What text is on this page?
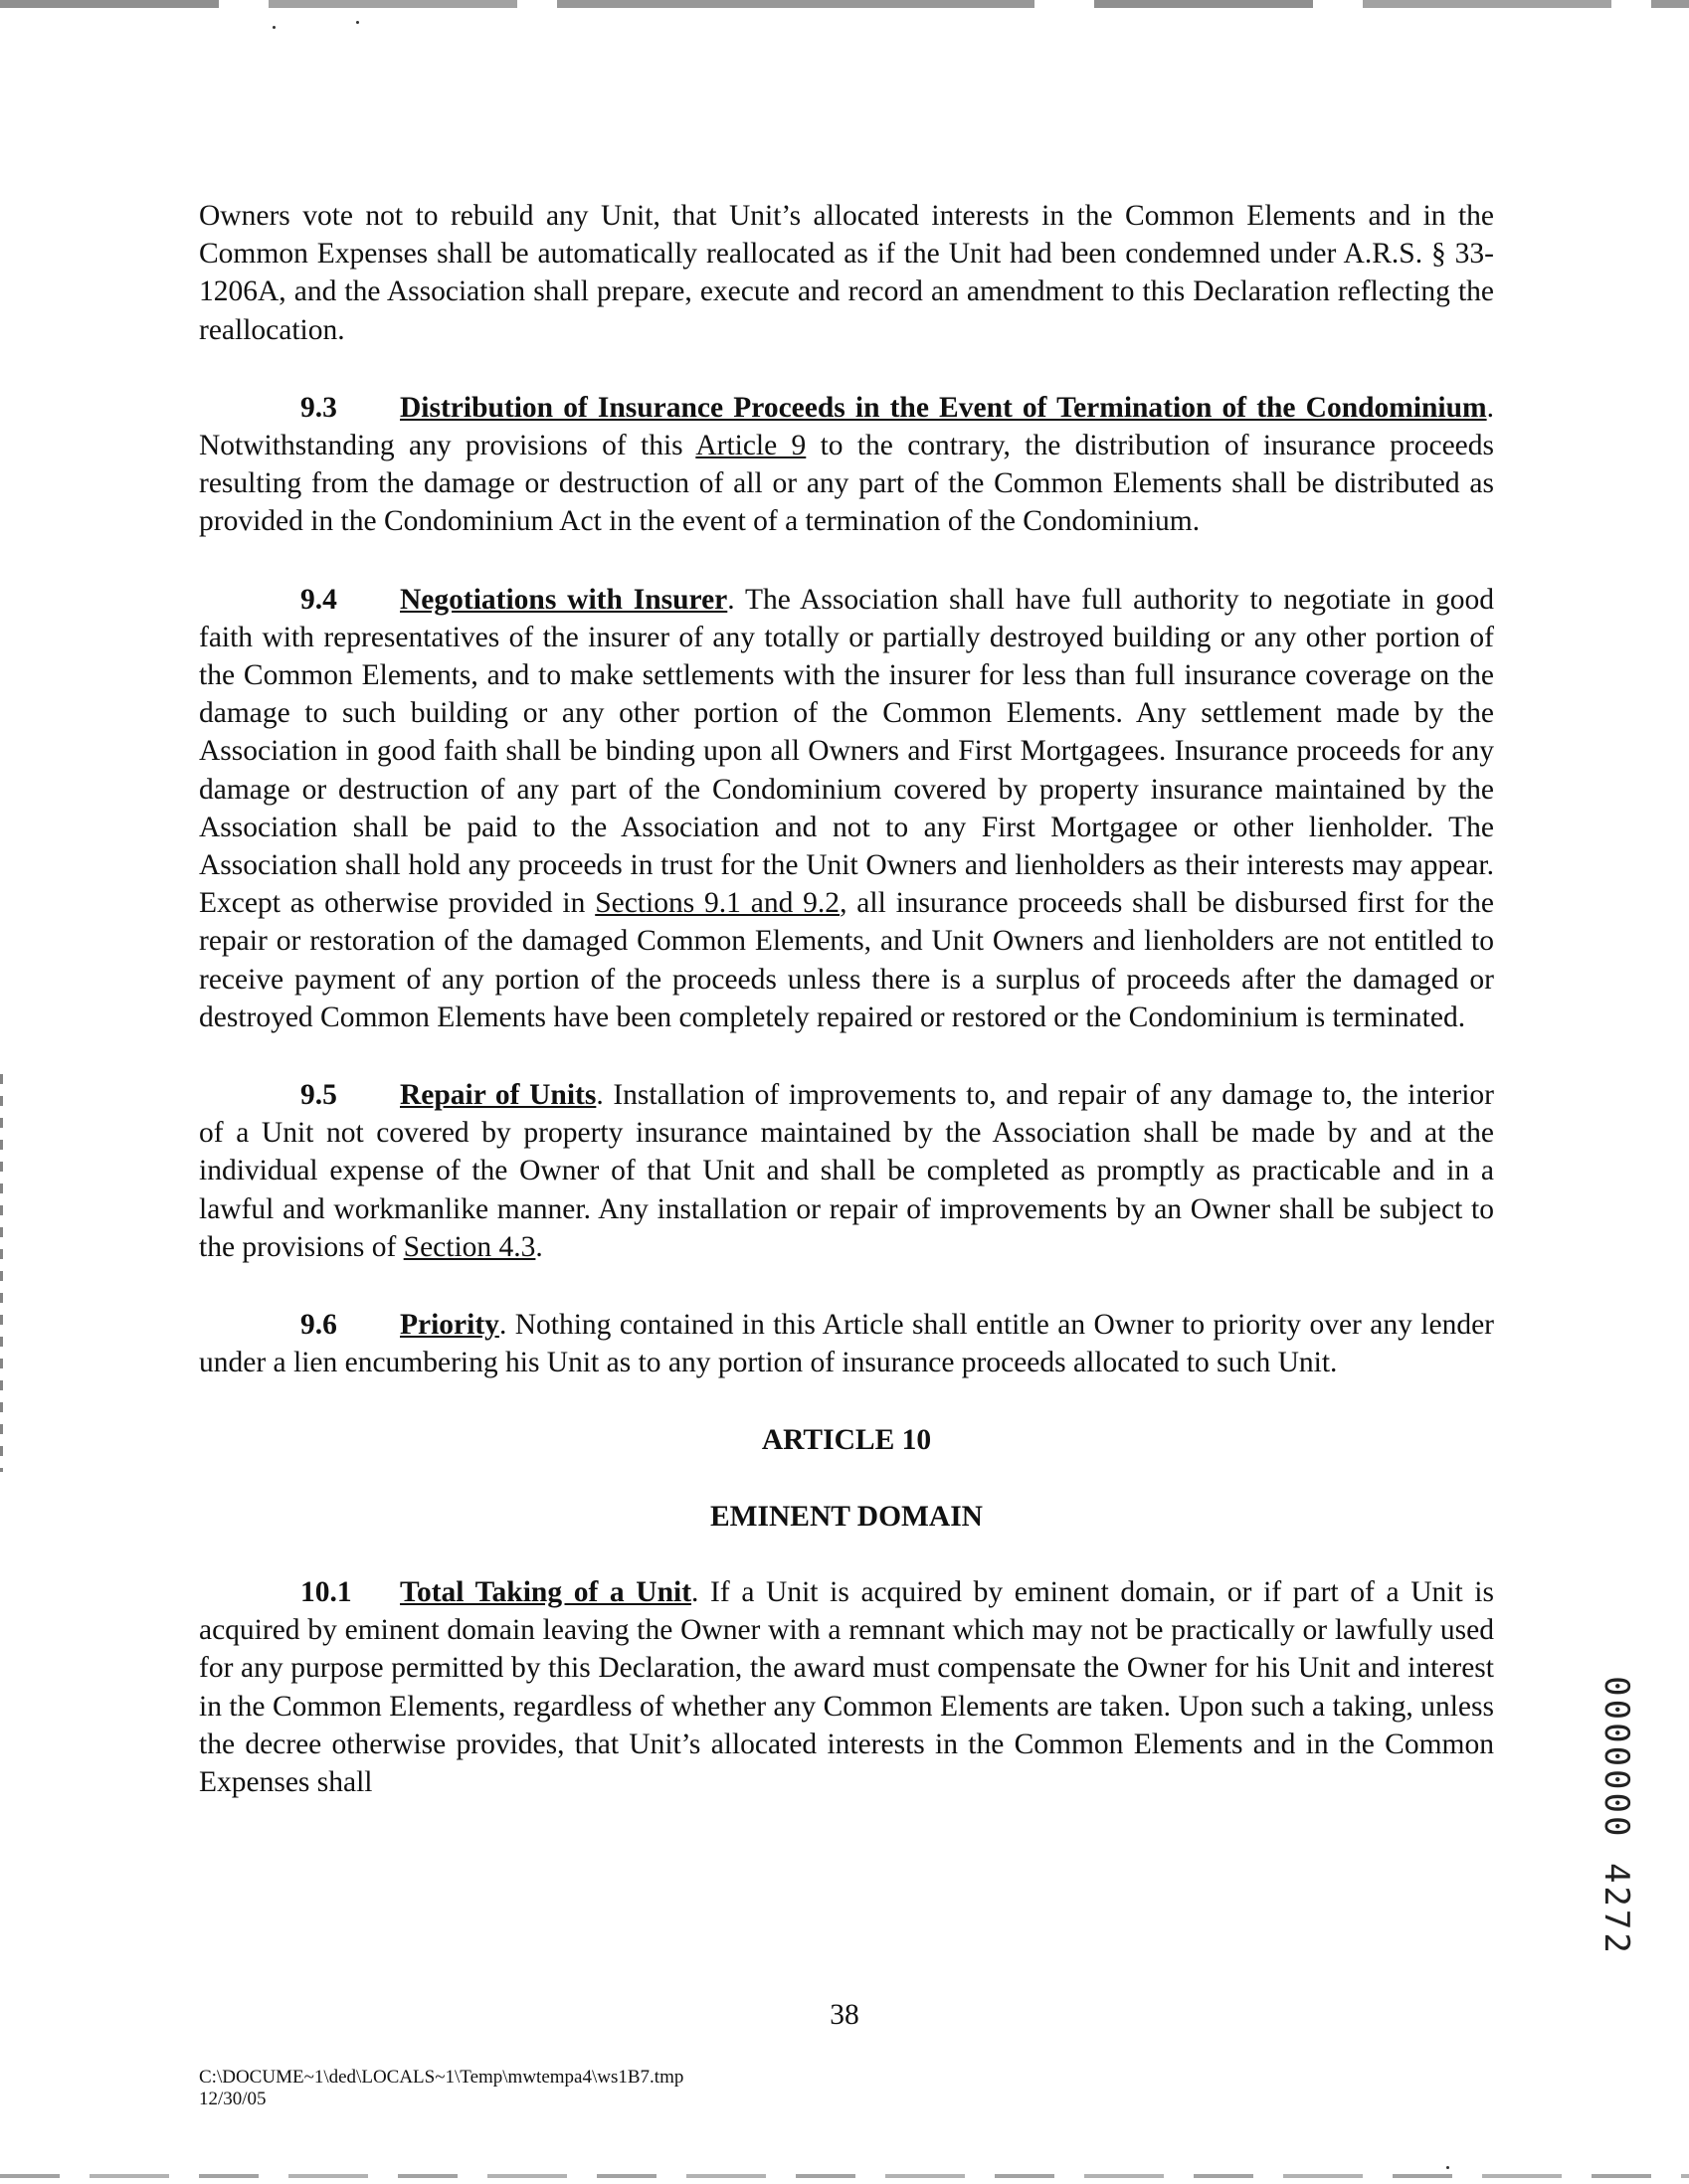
Owners vote not to rebuild any Unit, that Unit’s allocated interests in the Common Elements and in the Common Expenses shall be automatically reallocated as if the Unit had been condemned under A.R.S. § 33-1206A, and the Association shall prepare, execute and record an amendment to this Declaration reflecting the reallocation.

9.3 Distribution of Insurance Proceeds in the Event of Termination of the Condominium. Notwithstanding any provisions of this Article 9 to the contrary, the distribution of insurance proceeds resulting from the damage or destruction of all or any part of the Common Elements shall be distributed as provided in the Condominium Act in the event of a termination of the Condominium.

9.4 Negotiations with Insurer. The Association shall have full authority to negotiate in good faith with representatives of the insurer of any totally or partially destroyed building or any other portion of the Common Elements, and to make settlements with the insurer for less than full insurance coverage on the damage to such building or any other portion of the Common Elements. Any settlement made by the Association in good faith shall be binding upon all Owners and First Mortgagees. Insurance proceeds for any damage or destruction of any part of the Condominium covered by property insurance maintained by the Association shall be paid to the Association and not to any First Mortgagee or other lienholder. The Association shall hold any proceeds in trust for the Unit Owners and lienholders as their interests may appear. Except as otherwise provided in Sections 9.1 and 9.2, all insurance proceeds shall be disbursed first for the repair or restoration of the damaged Common Elements, and Unit Owners and lienholders are not entitled to receive payment of any portion of the proceeds unless there is a surplus of proceeds after the damaged or destroyed Common Elements have been completely repaired or restored or the Condominium is terminated.

9.5 Repair of Units. Installation of improvements to, and repair of any damage to, the interior of a Unit not covered by property insurance maintained by the Association shall be made by and at the individual expense of the Owner of that Unit and shall be completed as promptly as practicable and in a lawful and workmanlike manner. Any installation or repair of improvements by an Owner shall be subject to the provisions of Section 4.3.

9.6 Priority. Nothing contained in this Article shall entitle an Owner to priority over any lender under a lien encumbering his Unit as to any portion of insurance proceeds allocated to such Unit.

ARTICLE 10

EMINENT DOMAIN

10.1 Total Taking of a Unit. If a Unit is acquired by eminent domain, or if part of a Unit is acquired by eminent domain leaving the Owner with a remnant which may not be practically or lawfully used for any purpose permitted by this Declaration, the award must compensate the Owner for his Unit and interest in the Common Elements, regardless of whether any Common Elements are taken. Upon such a taking, unless the decree otherwise provides, that Unit’s allocated interests in the Common Elements and in the Common Expenses shall

38
C:\DOCUME~1\ded\LOCALS~1\Temp\mwtempa4\ws1B7.tmp
12/30/05
0000000 4272
